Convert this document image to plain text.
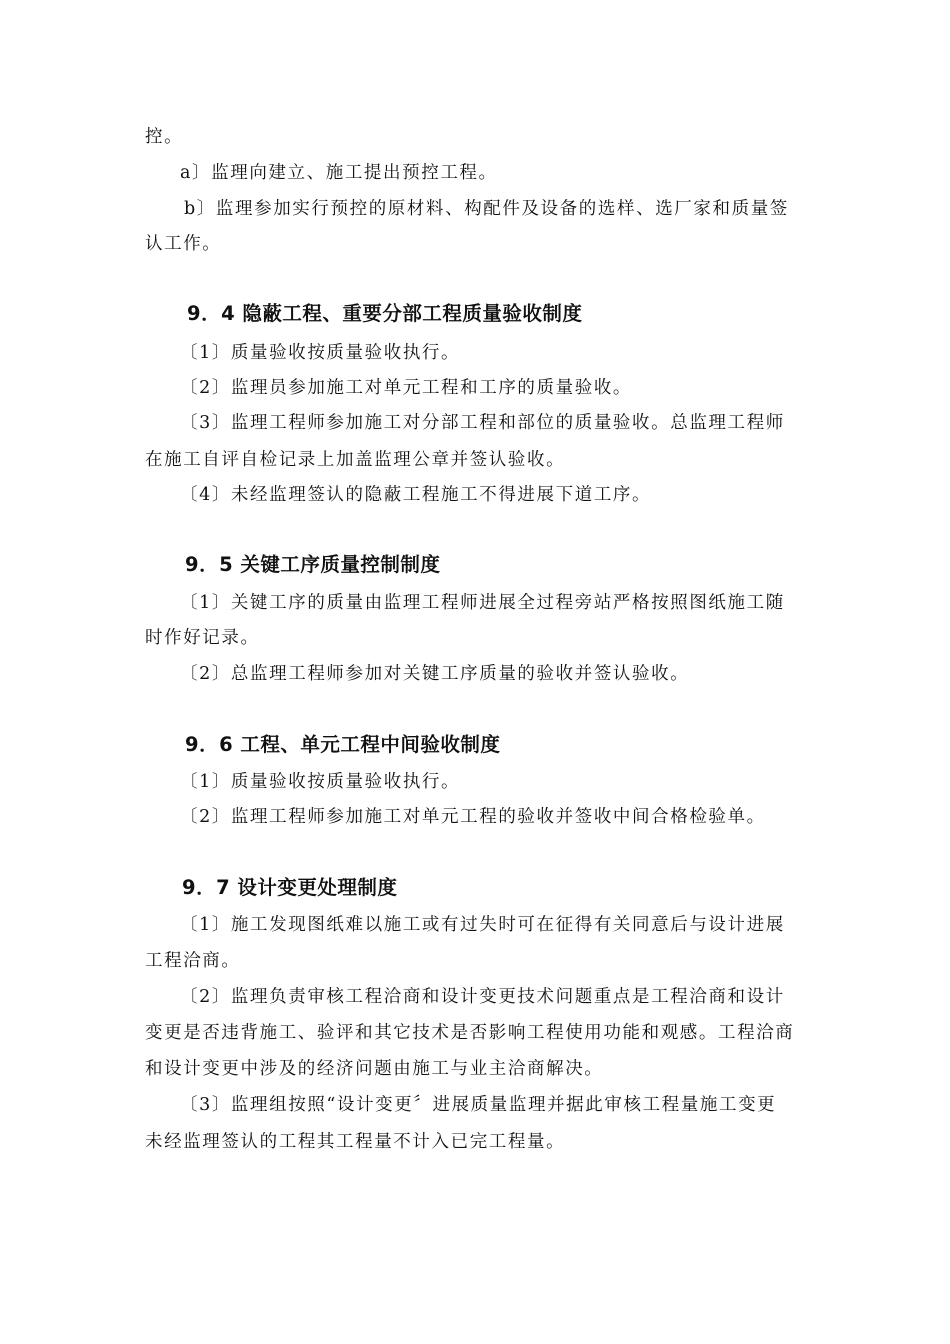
控。
a〕监理向建立、施工提出预控工程。
b〕监理参加实行预控的原材料、构配件及设备的选样、选厂家和质量签
认工作。
9．4 隐蔽工程、重要分部工程质量验收制度
〔1〕质量验收按质量验收执行。
〔2〕监理员参加施工对单元工程和工序的质量验收。
〔3〕监理工程师参加施工对分部工程和部位的质量验收。总监理工程师
在施工自评自检记录上加盖监理公章并签认验收。
〔4〕未经监理签认的隐蔽工程施工不得进展下道工序。
9．5 关键工序质量控制制度
〔1〕关键工序的质量由监理工程师进展全过程旁站严格按照图纸施工随
时作好记录。
〔2〕总监理工程师参加对关键工序质量的验收并签认验收。
9．6 工程、单元工程中间验收制度
〔1〕质量验收按质量验收执行。
〔2〕监理工程师参加施工对单元工程的验收并签收中间合格检验单。
9．7 设计变更处理制度
〔1〕施工发现图纸难以施工或有过失时可在征得有关同意后与设计进展
工程洽商。
〔2〕监理负责审核工程洽商和设计变更技术问题重点是工程洽商和设计
变更是否违背施工、验评和其它技术是否影响工程使用功能和观感。工程洽商
和设计变更中涉及的经济问题由施工与业主洽商解决。
〔3〕监理组按照“设计变更〞进展质量监理并据此审核工程量施工变更
未经监理签认的工程其工程量不计入已完工程量。
